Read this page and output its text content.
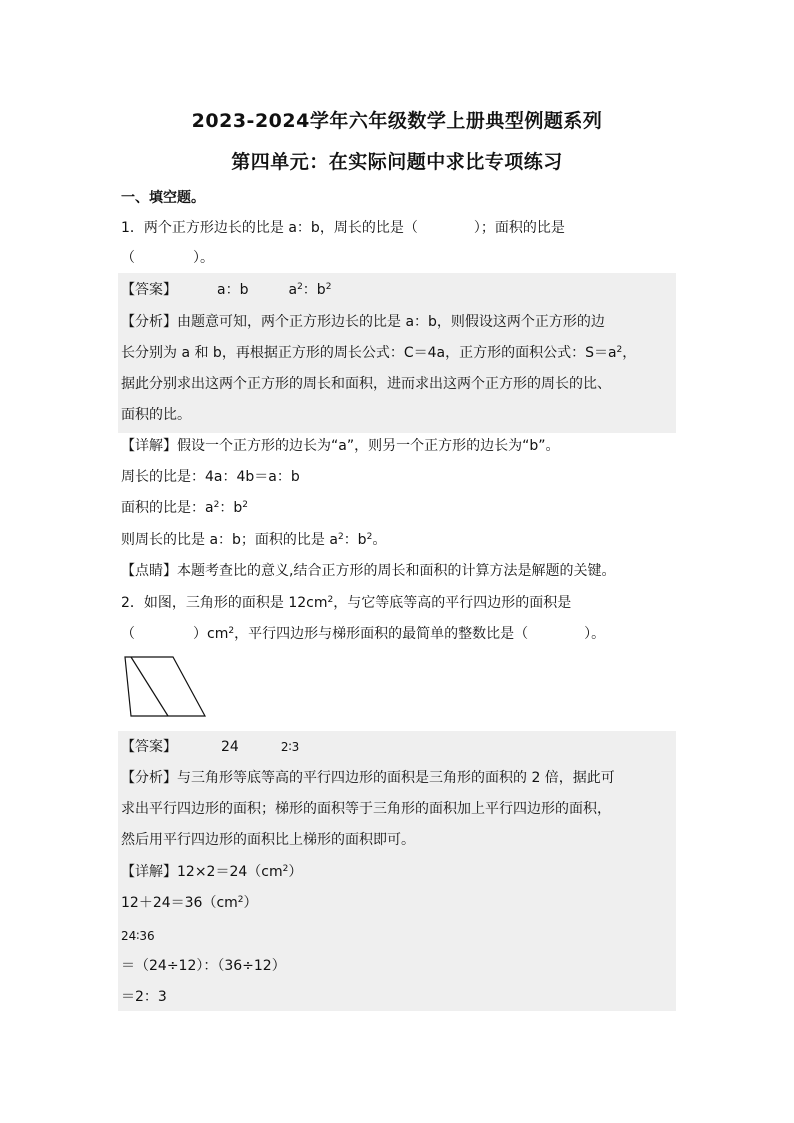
2023-2024学年六年级数学上册典型例题系列
第四单元：在实际问题中求比专项练习
一、填空题。
1．两个正方形边长的比是 a：b，周长的比是（	）；面积的比是
（	）。
【答案】	a：b	$a^2$：$b^2$
【分析】由题意可知，两个正方形边长的比是 a：b，则假设这两个正方形的边
长分别为 a 和 b，再根据正方形的周长公式：C＝4a，正方形的面积公式：$S=a^2$，
据此分别求出这两个正方形的周长和面积，进而求出这两个正方形的周长的比、
面积的比。
【详解】假设一个正方形的边长为“a”，则另一个正方形的边长为“b”。
周长的比是：4a：4b＝a：b
面积的比是：$a^2$：$b^2$
则周长的比是 a：b；面积的比是 $a^2$：$b^2$。
【点睛】本题考查比的意义,结合正方形的周长和面积的计算方法是解题的关键。
2．如图，三角形的面积是 $12cm^2$，与它等底等高的平行四边形的面积是
（	）$cm^2$，平行四边形与梯形面积的最简单的整数比是（	）。
【答案】	24	2∶3
【分析】与三角形等底等高的平行四边形的面积是三角形的面积的 2 倍，据此可
求出平行四边形的面积；梯形的面积等于三角形的面积加上平行四边形的面积，
然后用平行四边形的面积比上梯形的面积即可。
【详解】$12\times 2=24(cm^2)$
$12+24=36(cm^2)$
24∶36
＝（24÷12）：（36÷12）
＝2：3
